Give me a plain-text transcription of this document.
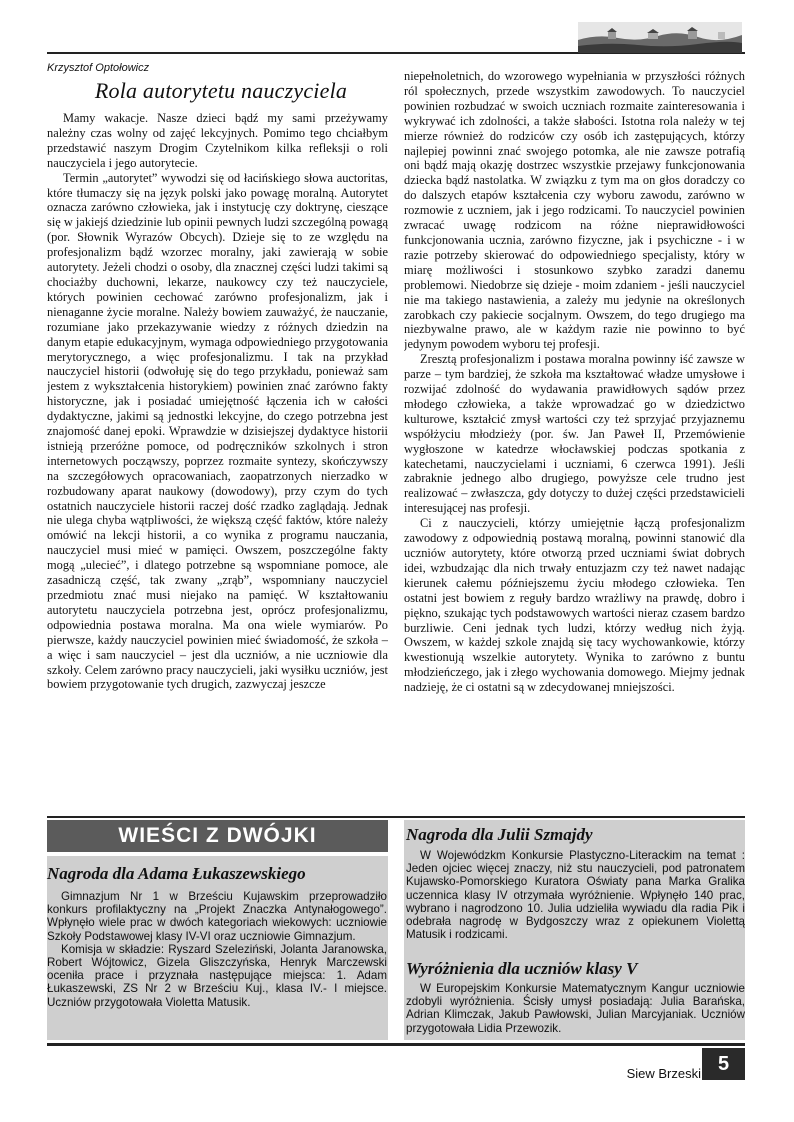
Krzysztof Optołowicz
Rola autorytetu nauczyciela

Mamy wakacje. Nasze dzieci bądź my sami przeżywamy należny czas wolny od zajęć lekcyjnych. Pomimo tego chciałbym przedstawić naszym Drogim Czytelnikom kilka refleksji o roli nauczyciela i jego autorytecie.

Termin „autorytet” wywodzi się od łacińskiego słowa auctoritas, które tłumaczy się na język polski jako powagę moralną. Autorytet oznacza zarówno człowieka, jak i instytucję czy doktrynę, cieszące się w jakiejś dziedzinie lub opinii pewnych ludzi szczególną powagą (por. Słownik Wyrazów Obcych). Dzieje się to ze względu na profesjonalizm bądź wzorzec moralny, jaki zawierają w sobie autorytety. Jeżeli chodzi o osoby, dla znacznej części ludzi takimi są chociażby duchowni, lekarze, naukowcy czy też nauczyciele, których powinien cechować zarówno profesjonalizm, jak i nienaganne życie moralne. Należy bowiem zauważyć, że nauczanie, rozumiane jako przekazywanie wiedzy z różnych dziedzin na danym etapie edukacyjnym, wymaga odpowiedniego przygotowania merytorycznego, a więc profesjonalizmu. I tak na przykład nauczyciel historii (odwołuję się do tego przykładu, ponieważ sam jestem z wykształcenia historykiem) powinien znać zarówno fakty historyczne, jak i posiadać umiejętność łączenia ich w całości dydaktyczne, jakimi są jednostki lekcyjne, do czego potrzebna jest znajomość danej epoki. Wprawdzie w dzisiejszej dydaktyce historii istnieją przeróżne pomoce, od podręczników szkolnych i stron internetowych począwszy, poprzez rozmaite syntezy, skończywszy na szczegółowych opracowaniach, zaopatrzonych nierzadko w rozbudowany aparat naukowy (dowodowy), przy czym do tych ostatnich nauczyciele historii raczej dość rzadko zaglądają. Jednak nie ulega chyba wątpliwości, że większą część faktów, które należy omówić na lekcji historii, a co wynika z programu nauczania, nauczyciel musi mieć w pamięci. Owszem, poszczególne fakty mogą „ulecieć”, i dlatego potrzebne są wspomniane pomoce, ale zasadniczą część, tak zwany „zrąb”, wspomniany nauczyciel przedmiotu znać musi niejako na pamięć. W kształtowaniu autorytetu nauczyciela potrzebna jest, oprócz profesjonalizmu, odpowiednia postawa moralna. Ma ona wiele wymiarów. Po pierwsze, każdy nauczyciel powinien mieć świadomość, że szkoła – a więc i sam nauczyciel – jest dla uczniów, a nie uczniowie dla szkoły. Celem zarówno pracy nauczycieli, jaki wysiłku uczniów, jest bowiem przygotowanie tych drugich, zazwyczaj jeszcze

niepełnoletnich, do wzorowego wypełniania w przyszłości różnych ról społecznych, przede wszystkim zawodowych. To nauczyciel powinien rozbudzać w swoich uczniach rozmaite zainteresowania i wykrywać ich zdolności, a także słabości. Istotna rola należy w tej mierze również do rodziców czy osób ich zastępujących, którzy najlepiej powinni znać swojego potomka, ale nie zawsze potrafią oni bądź mają okazję dostrzec wszystkie przejawy funkcjonowania dziecka bądź nastolatka. W związku z tym ma on głos doradczy co do dalszych etapów kształcenia czy wyboru zawodu, zarówno w rozmowie z uczniem, jak i jego rodzicami. To nauczyciel powinien zwracać uwagę rodzicom na różne nieprawidłowości funkcjonowania ucznia, zarówno fizyczne, jak i psychiczne - i w razie potrzeby skierować do odpowiedniego specjalisty, który w miarę możliwości i stosunkowo szybko zaradzi danemu problemowi. Niedobrze się dzieje - moim zdaniem - jeśli nauczyciel nie ma takiego nastawienia, a zależy mu jedynie na określonych zarobkach czy pakiecie socjalnym. Owszem, do tego drugiego ma niezbywalne prawo, ale w każdym razie nie powinno to być jedynym powodem wyboru tej profesji.

Zresztą profesjonalizm i postawa moralna powinny iść zawsze w parze – tym bardziej, że szkoła ma kształtować władze umysłowe i rozwijać zdolność do wydawania prawidłowych sądów przez młodego człowieka, a także wprowadzać go w dziedzictwo kulturowe, kształcić zmysł wartości czy też sprzyjać przyjaznemu współżyciu młodzieży (por. św. Jan Paweł II, Przemówienie wygłoszone w katedrze włocławskiej podczas spotkania z katechetami, nauczycielami i uczniami, 6 czerwca 1991). Jeśli zabraknie jednego albo drugiego, powyższe cele trudno jest realizować – zwłaszcza, gdy dotyczy to dużej części przedstawicieli interesującej nas profesji.

Ci z nauczycieli, którzy umiejętnie łączą profesjonalizm zawodowy z odpowiednią postawą moralną, powinni stanowić dla uczniów autorytety, które otworzą przed uczniami świat dobrych idei, wzbudzając dla nich trwały entuzjazm czy też nawet nadając kierunek całemu późniejszemu życiu młodego człowieka. Ten ostatni jest bowiem z reguły bardzo wrażliwy na prawdę, dobro i piękno, szukając tych podstawowych wartości nieraz czasem bardzo burzliwie. Ceni jednak tych ludzi, którzy według nich żyją. Owszem, w każdej szkole znajdą się tacy wychowankowie, którzy kwestionują wszelkie autorytety. Wynika to zarówno z buntu młodzieńczego, jak i złego wychowania domowego. Miejmy jednak nadzieję, że ci ostatni są w zdecydowanej mniejszości.

WIEŚCI Z DWÓJKI
Nagroda dla Adama Łukaszewskiego

Gimnazjum Nr 1 w Brześciu Kujawskim przeprowadziło konkurs profilaktyczny na „Projekt Znaczka Antynałogowego”. Wpłynęło wiele prac w dwóch kategoriach wiekowych: uczniowie Szkoły Podstawowej klasy IV-VI oraz uczniowie Gimnazjum.

Komisja w składzie: Ryszard Szeleziński, Jolanta Jaranowska, Robert Wójtowicz, Gizela Gliszczyńska, Henryk Marczewski oceniła prace i przyznała następujące miejsca: 1. Adam Łukaszewski, ZS Nr 2 w Brześciu Kuj., klasa IV.- I miejsce. Uczniów przygotowała Violetta Matusik.

Nagroda dla Julii Szmajdy

W Wojewódzkm Konkursie Plastyczno-Literackim na temat : Jeden ojciec więcej znaczy, niż stu nauczycieli, pod patronatem Kujawsko-Pomorskiego Kuratora Oświaty pana Marka Gralika uczennica klasy IV otrzymała wyróżnienie. Wpłynęło 140 prac, wybrano i nagrodzono 10. Julia udzieliła wywiadu dla radia Pik i odebrała nagrodę w Bydgoszczy wraz z opiekunem Violettą Matusik i rodzicami.

Wyróżnienia dla uczniów klasy V

W Europejskim Konkursie Matematycznym Kangur uczniowie zdobyli wyróżnienia. Ścisły umysł posiadają: Julia Barańska, Adrian Klimczak, Jakub Pawłowski, Julian Marcyjaniak. Uczniów przygotowała Lidia Przewozik.

Siew Brzeski 5
